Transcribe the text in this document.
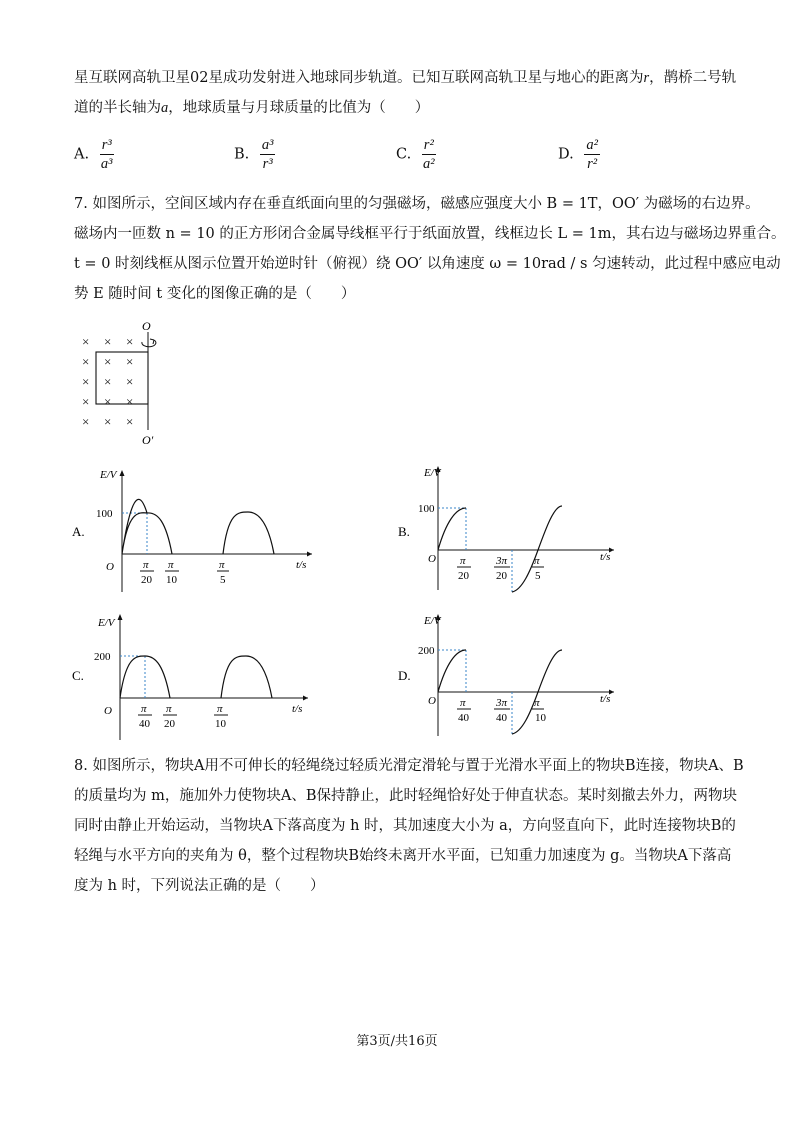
星互联网高轨卫星02星成功发射进入地球同步轨道。已知互联网高轨卫星与地心的距离为r，鹊桥二号轨
道的半长轴为a，地球质量与月球质量的比值为（　　）
A. $\frac{\text{r³}}{\text{a³}}$	B. $\frac{\text{a³}}{\text{r³}}$	C. $\frac{\text{r²}}{\text{a²}}$	D. $\frac{\text{a²}}{\text{r²}}$
7. 如图所示，空间区域内存在垂直纸面向里的匀强磁场，磁感应强度大小 B = 1T，OO′ 为磁场的右边界。
磁场内一匝数 n = 10 的正方形闭合金属导线框平行于纸面放置，线框边长 L = 1m，其右边与磁场边界重合。
t = 0 时刻线框从图示位置开始逆时针（俯视）绕 OO′ 以角速度 ω = 10rad / s 匀速转动，此过程中感应电动
势 E 随时间 t 变化的图像正确的是（　　）
× × ×
× × ×
× × ×
× × ×
× × ×
O
O′
A.
E/V
t/s
O
100
π
20
π
10
π
5
B.
E/V
t/s
O
100
π
20
3π
20
π
5
C.
E/V
t/s
O
200
π
40
π
20
π
10
D.
E/V
t/s
O
200
π
40
3π
40
π
10
8. 如图所示，物块A用不可伸长的轻绳绕过轻质光滑定滑轮与置于光滑水平面上的物块B连接，物块A、B
的质量均为 m，施加外力使物块A、B保持静止，此时轻绳恰好处于伸直状态。某时刻撤去外力，两物块
同时由静止开始运动，当物块A下落高度为 h 时，其加速度大小为 a，方向竖直向下，此时连接物块B的
轻绳与水平方向的夹角为 θ，整个过程物块B始终未离开水平面，已知重力加速度为 g。当物块A下落高
度为 h 时，下列说法正确的是（　　）
第3页/共16页
